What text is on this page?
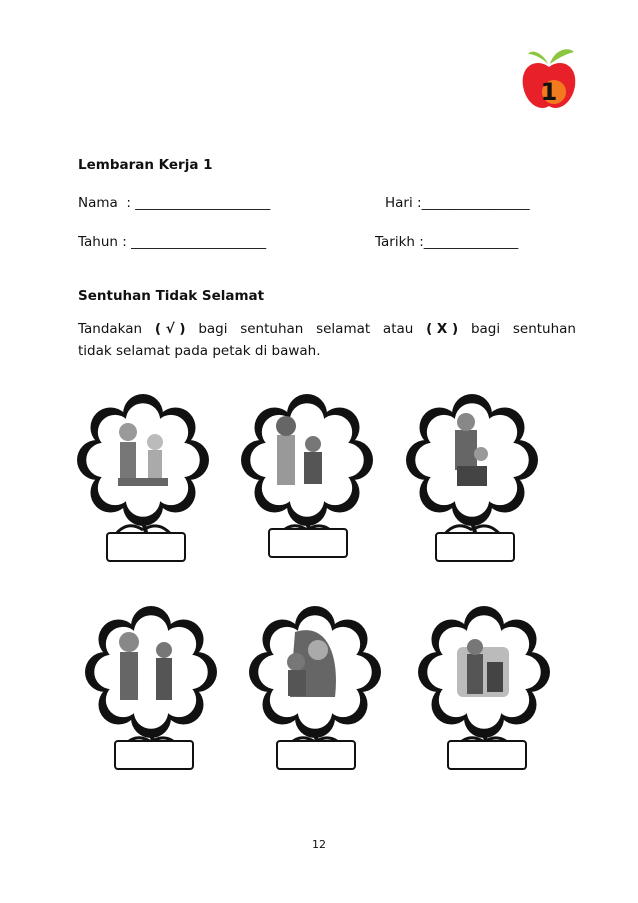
1
Lembaran Kerja 1
Nama  : ____________________	Hari :________________
Tahun : ____________________	Tarikh :______________
Sentuhan Tidak Selamat
Tandakan ( √ ) bagi sentuhan selamat atau ( X ) bagi sentuhan
tidak selamat pada petak di bawah.
12
